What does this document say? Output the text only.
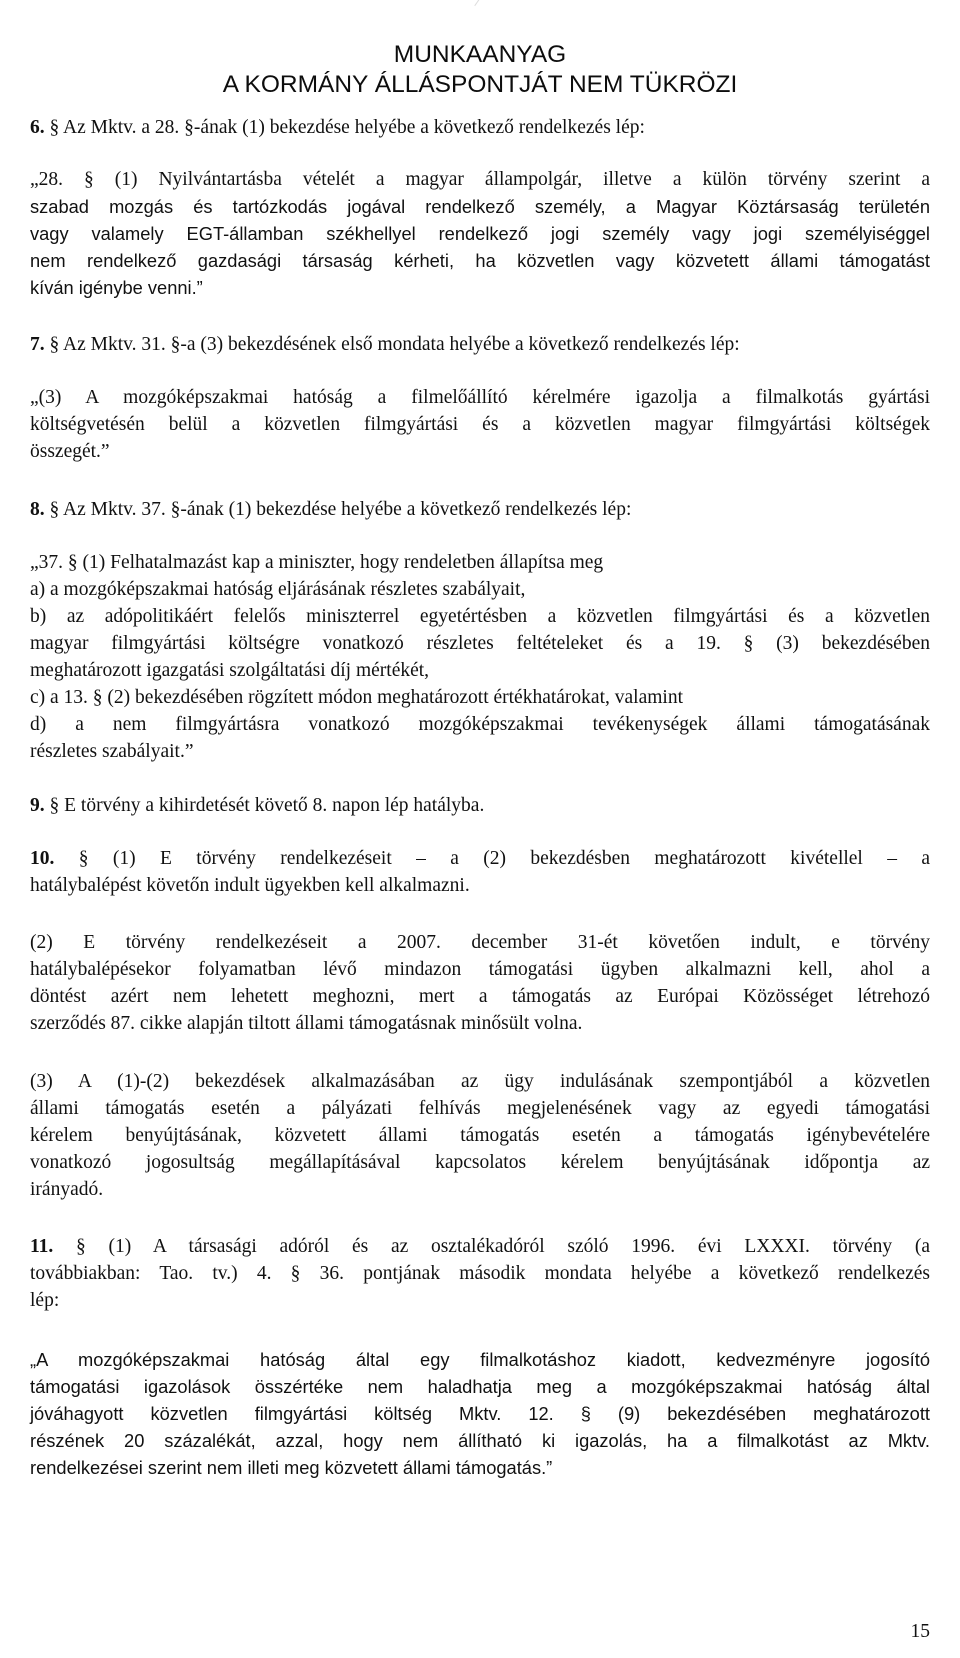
MUNKAANYAG
A KORMÁNY ÁLLÁSPONTJÁT NEM TÜKRÖZI
6. § Az Mktv. a 28. §-ának (1) bekezdése helyébe a következő rendelkezés lép:
„28. § (1) Nyilvántartásba vételét a magyar állampolgár, illetve a külön törvény szerint a
szabad mozgás és tartózkodás jogával rendelkező személy, a Magyar Köztársaság területén
vagy valamely EGT-államban székhellyel rendelkező jogi személy vagy jogi személyiséggel
nem rendelkező gazdasági társaság kérheti, ha közvetlen vagy közvetett állami támogatást
kíván igénybe venni.”
7. § Az Mktv. 31. §-a (3) bekezdésének első mondata helyébe a következő rendelkezés lép:
„(3) A mozgóképszakmai hatóság a filmelőállító kérelmére igazolja a filmalkotás gyártási
költségvetésén belül a közvetlen filmgyártási és a közvetlen magyar filmgyártási költségek
összegét.”
8. § Az Mktv. 37. §-ának (1) bekezdése helyébe a következő rendelkezés lép:
„37. § (1) Felhatalmazást kap a miniszter, hogy rendeletben állapítsa meg
a) a mozgóképszakmai hatóság eljárásának részletes szabályait,
b) az adópolitikáért felelős miniszterrel egyetértésben a közvetlen filmgyártási és a közvetlen
magyar filmgyártási költségre vonatkozó részletes feltételeket és a 19. § (3) bekezdésében
meghatározott igazgatási szolgáltatási díj mértékét,
c) a 13. § (2) bekezdésében rögzített módon meghatározott értékhatárokat, valamint
d) a nem filmgyártásra vonatkozó mozgóképszakmai tevékenységek állami támogatásának
részletes szabályait.”
9. § E törvény a kihirdetését követő 8. napon lép hatályba.
10. § (1) E törvény rendelkezéseit – a (2) bekezdésben meghatározott kivétellel – a
hatálybalépést követőn indult ügyekben kell alkalmazni.
(2) E törvény rendelkezéseit a 2007. december 31-ét követően indult, e törvény
hatálybalépésekor folyamatban lévő mindazon támogatási ügyben alkalmazni kell, ahol a
döntést azért nem lehetett meghozni, mert a támogatás az Európai Közösséget létrehozó
szerződés 87. cikke alapján tiltott állami támogatásnak minősült volna.
(3) A (1)-(2) bekezdések alkalmazásában az ügy indulásának szempontjából a közvetlen
állami támogatás esetén a pályázati felhívás megjelenésének vagy az egyedi támogatási
kérelem benyújtásának, közvetett állami támogatás esetén a támogatás igénybevételére
vonatkozó jogosultság megállapításával kapcsolatos kérelem benyújtásának időpontja az
irányadó.
11. § (1) A társasági adóról és az osztalékadóról szóló 1996. évi LXXXI. törvény (a
továbbiakban: Tao. tv.) 4. § 36. pontjának második mondata helyébe a következő rendelkezés
lép:
„A mozgóképszakmai hatóság által egy filmalkotáshoz kiadott, kedvezményre jogosító
támogatási igazolások összértéke nem haladhatja meg a mozgóképszakmai hatóság által
jóváhagyott közvetlen filmgyártási költség Mktv. 12. § (9) bekezdésében meghatározott
részének 20 százalékát, azzal, hogy nem állítható ki igazolás, ha a filmalkotást az Mktv.
rendelkezései szerint nem illeti meg közvetett állami támogatás.”
15
